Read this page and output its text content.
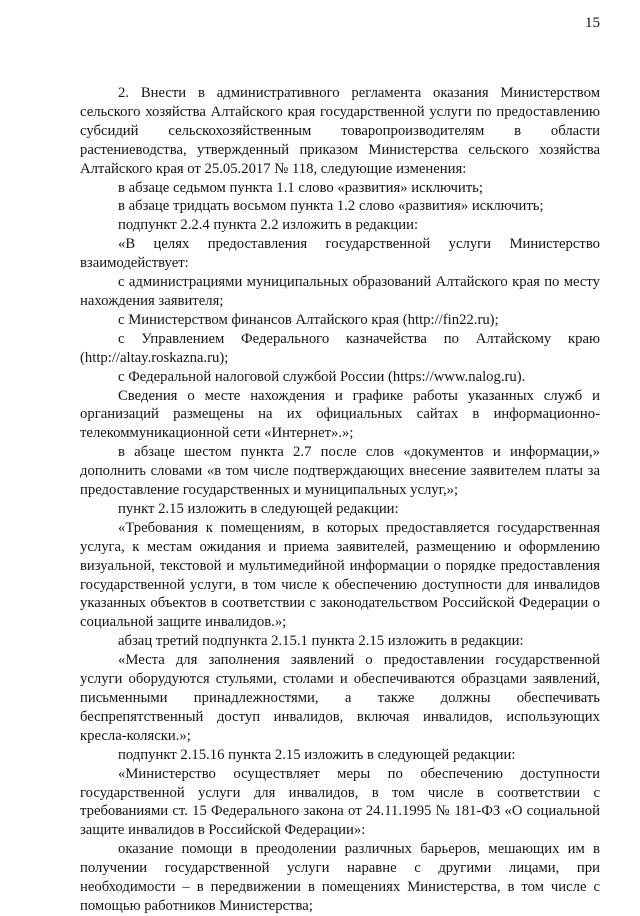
15

2. Внести в административного регламента оказания Министерством сельского хозяйства Алтайского края государственной услуги по предоставлению субсидий сельскохозяйственным товаропроизводителям в области растениеводства, утвержденный приказом Министерства сельского хозяйства Алтайского края от 25.05.2017 № 118, следующие изменения:

в абзаце седьмом пункта 1.1 слово «развития» исключить;

в абзаце тридцать восьмом пункта 1.2 слово «развития» исключить;

подпункт 2.2.4 пункта 2.2 изложить в редакции:

«В целях предоставления государственной услуги Министерство взаимодействует:

с администрациями муниципальных образований Алтайского края по месту нахождения заявителя;

с Министерством финансов Алтайского края (http://fin22.ru);

с Управлением Федерального казначейства по Алтайскому краю (http://altay.roskazna.ru);

с Федеральной налоговой службой России (https://www.nalog.ru).

Сведения о месте нахождения и графике работы указанных служб и организаций размещены на их официальных сайтах в информационно-телекоммуникационной сети «Интернет».»;

в абзаце шестом пункта 2.7 после слов «документов и информации,» дополнить словами «в том числе подтверждающих внесение заявителем платы за предоставление государственных и муниципальных услуг,»;

пункт 2.15 изложить в следующей редакции:

«Требования к помещениям, в которых предоставляется государственная услуга, к местам ожидания и приема заявителей, размещению и оформлению визуальной, текстовой и мультимедийной информации о порядке предоставления государственной услуги, в том числе к обеспечению доступности для инвалидов указанных объектов в соответствии с законодательством Российской Федерации о социальной защите инвалидов.»;

абзац третий подпункта 2.15.1 пункта 2.15 изложить в редакции:

«Места для заполнения заявлений о предоставлении государственной услуги оборудуются стульями, столами и обеспечиваются образцами заявлений, письменными принадлежностями, а также должны обеспечивать беспрепятственный доступ инвалидов, включая инвалидов, использующих кресла-коляски.»;

подпункт 2.15.16 пункта 2.15 изложить в следующей редакции:

«Министерство осуществляет меры по обеспечению доступности государственной услуги для инвалидов, в том числе в соответствии с требованиями ст. 15 Федерального закона от 24.11.1995 № 181-ФЗ «О социальной защите инвалидов в Российской Федерации»:

оказание помощи в преодолении различных барьеров, мешающих им в получении государственной услуги наравне с другими лицами, при необходимости – в передвижении в помещениях Министерства, в том числе с помощью работников Министерства;
